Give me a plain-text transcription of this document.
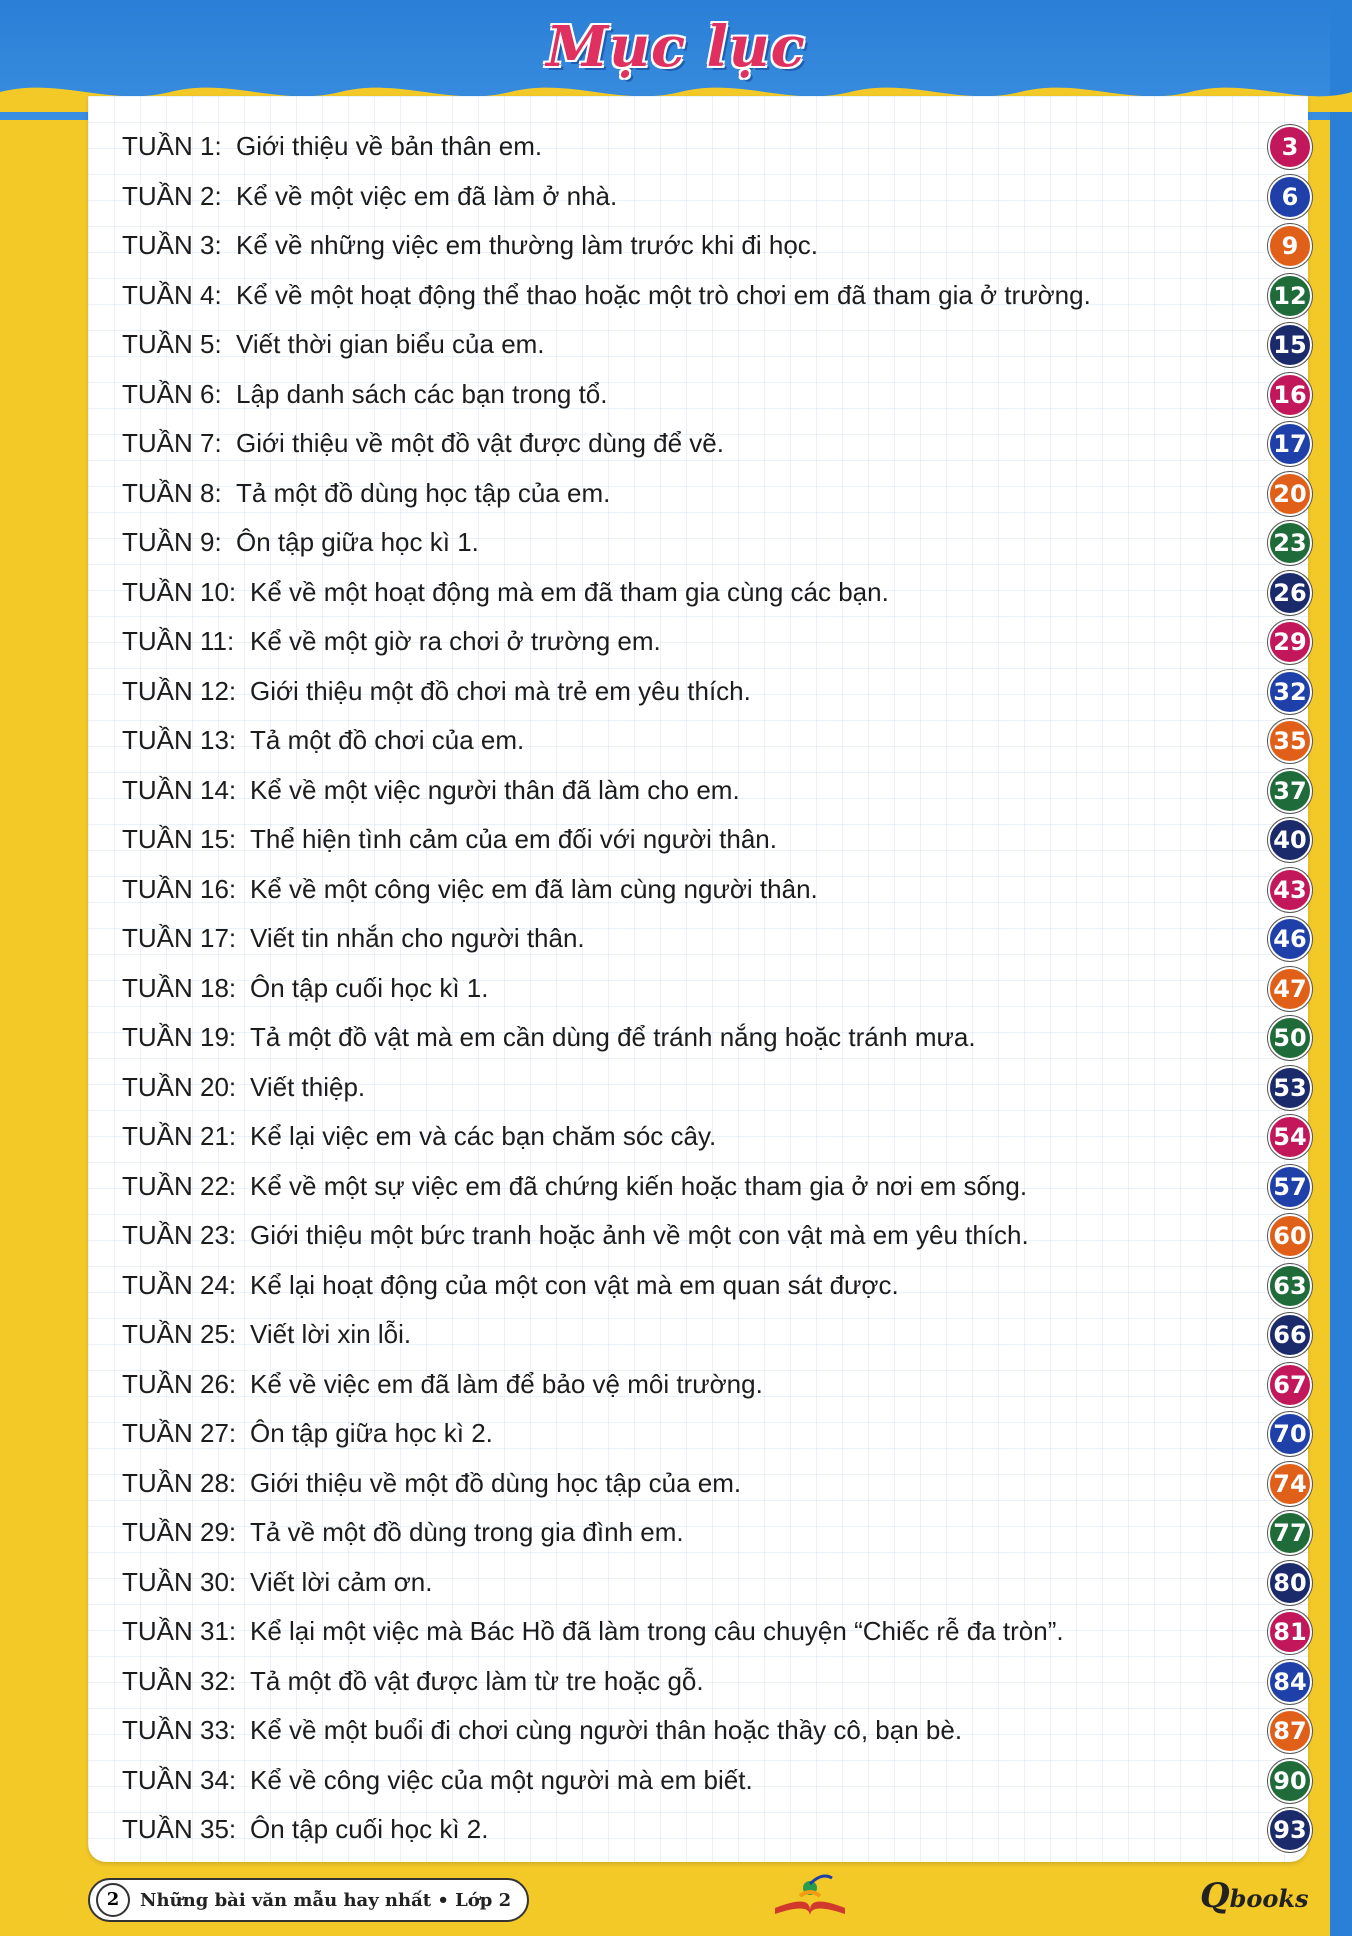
Mục lục
TUẦN 1: Giới thiệu về bản thân em.	3
TUẦN 2: Kể về một việc em đã làm ở nhà.	6
TUẦN 3: Kể về những việc em thường làm trước khi đi học.	9
TUẦN 4: Kể về một hoạt động thể thao hoặc một trò chơi em đã tham gia ở trường.	12
TUẦN 5: Viết thời gian biểu của em.	15
TUẦN 6: Lập danh sách các bạn trong tổ.	16
TUẦN 7: Giới thiệu về một đồ vật được dùng để vẽ.	17
TUẦN 8: Tả một đồ dùng học tập của em.	20
TUẦN 9: Ôn tập giữa học kì 1.	23
TUẦN 10: Kể về một hoạt động mà em đã tham gia cùng các bạn.	26
TUẦN 11: Kể về một giờ ra chơi ở trường em.	29
TUẦN 12: Giới thiệu một đồ chơi mà trẻ em yêu thích.	32
TUẦN 13: Tả một đồ chơi của em.	35
TUẦN 14: Kể về một việc người thân đã làm cho em.	37
TUẦN 15: Thể hiện tình cảm của em đối với người thân.	40
TUẦN 16: Kể về một công việc em đã làm cùng người thân.	43
TUẦN 17: Viết tin nhắn cho người thân.	46
TUẦN 18: Ôn tập cuối học kì 1.	47
TUẦN 19: Tả một đồ vật mà em cần dùng để tránh nắng hoặc tránh mưa.	50
TUẦN 20: Viết thiệp.	53
TUẦN 21: Kể lại việc em và các bạn chăm sóc cây.	54
TUẦN 22: Kể về một sự việc em đã chứng kiến hoặc tham gia ở nơi em sống.	57
TUẦN 23: Giới thiệu một bức tranh hoặc ảnh về một con vật mà em yêu thích.	60
TUẦN 24: Kể lại hoạt động của một con vật mà em quan sát được.	63
TUẦN 25: Viết lời xin lỗi.	66
TUẦN 26: Kể về việc em đã làm để bảo vệ môi trường.	67
TUẦN 27: Ôn tập giữa học kì 2.	70
TUẦN 28: Giới thiệu về một đồ dùng học tập của em.	74
TUẦN 29: Tả về một đồ dùng trong gia đình em.	77
TUẦN 30: Viết lời cảm ơn.	80
TUẦN 31: Kể lại một việc mà Bác Hồ đã làm trong câu chuyện “Chiếc rễ đa tròn”.	81
TUẦN 32: Tả một đồ vật được làm từ tre hoặc gỗ.	84
TUẦN 33: Kể về một buổi đi chơi cùng người thân hoặc thầy cô, bạn bè.	87
TUẦN 34: Kể về công việc của một người mà em biết.	90
TUẦN 35: Ôn tập cuối học kì 2.	93
2	Những bài văn mẫu hay nhất • Lớp 2	Qbooks
